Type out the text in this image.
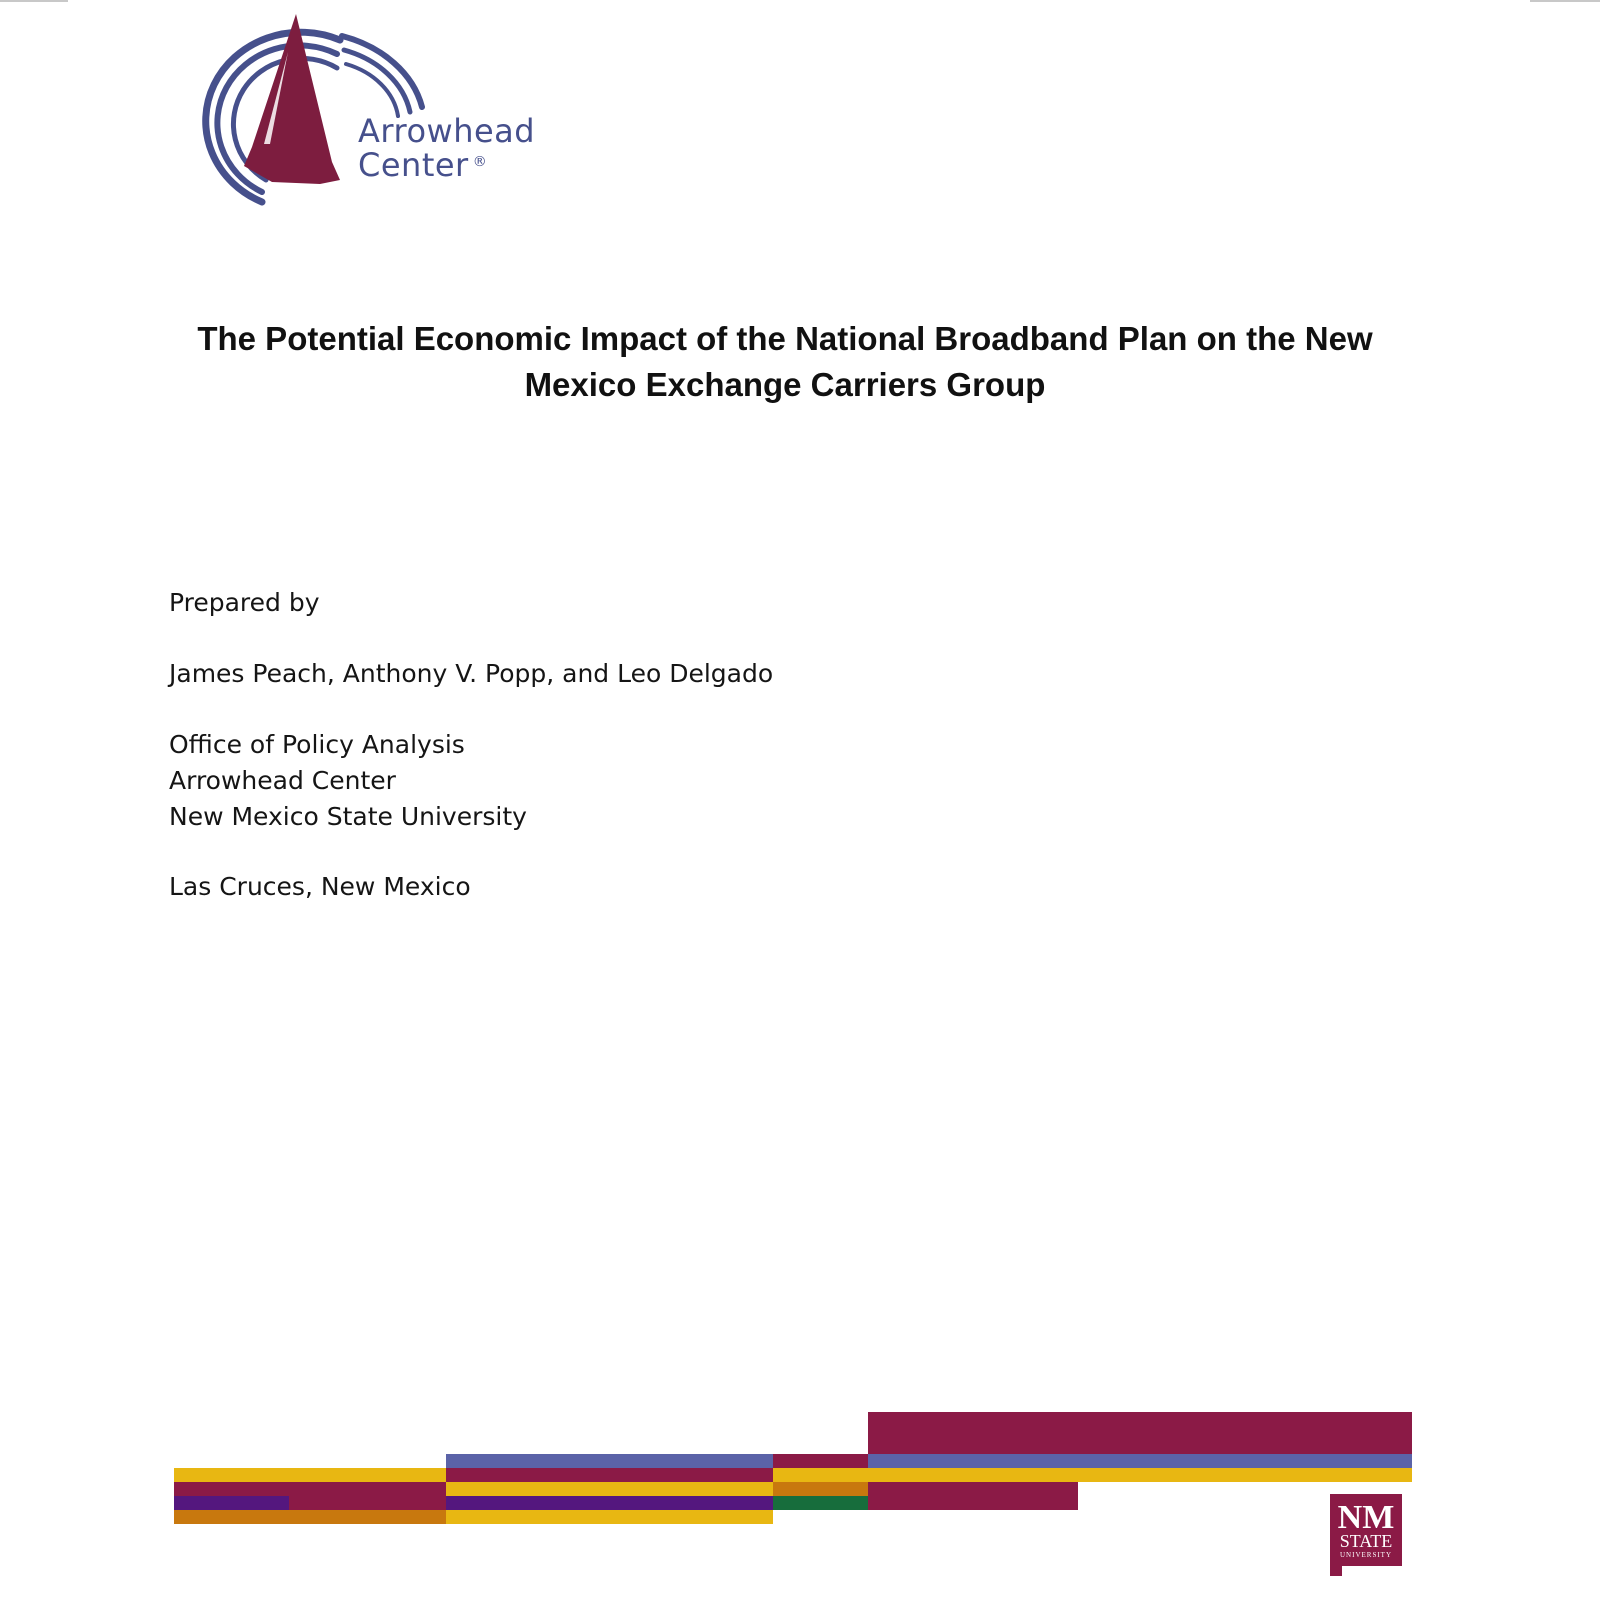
Arrowhead
Center ®
The Potential Economic Impact of the National Broadband Plan on the New Mexico Exchange Carriers Group
Prepared by
James Peach, Anthony V. Popp, and Leo Delgado
Office of Policy Analysis
Arrowhead Center
New Mexico State University
Las Cruces, New Mexico
NM
STATE
UNIVERSITY
